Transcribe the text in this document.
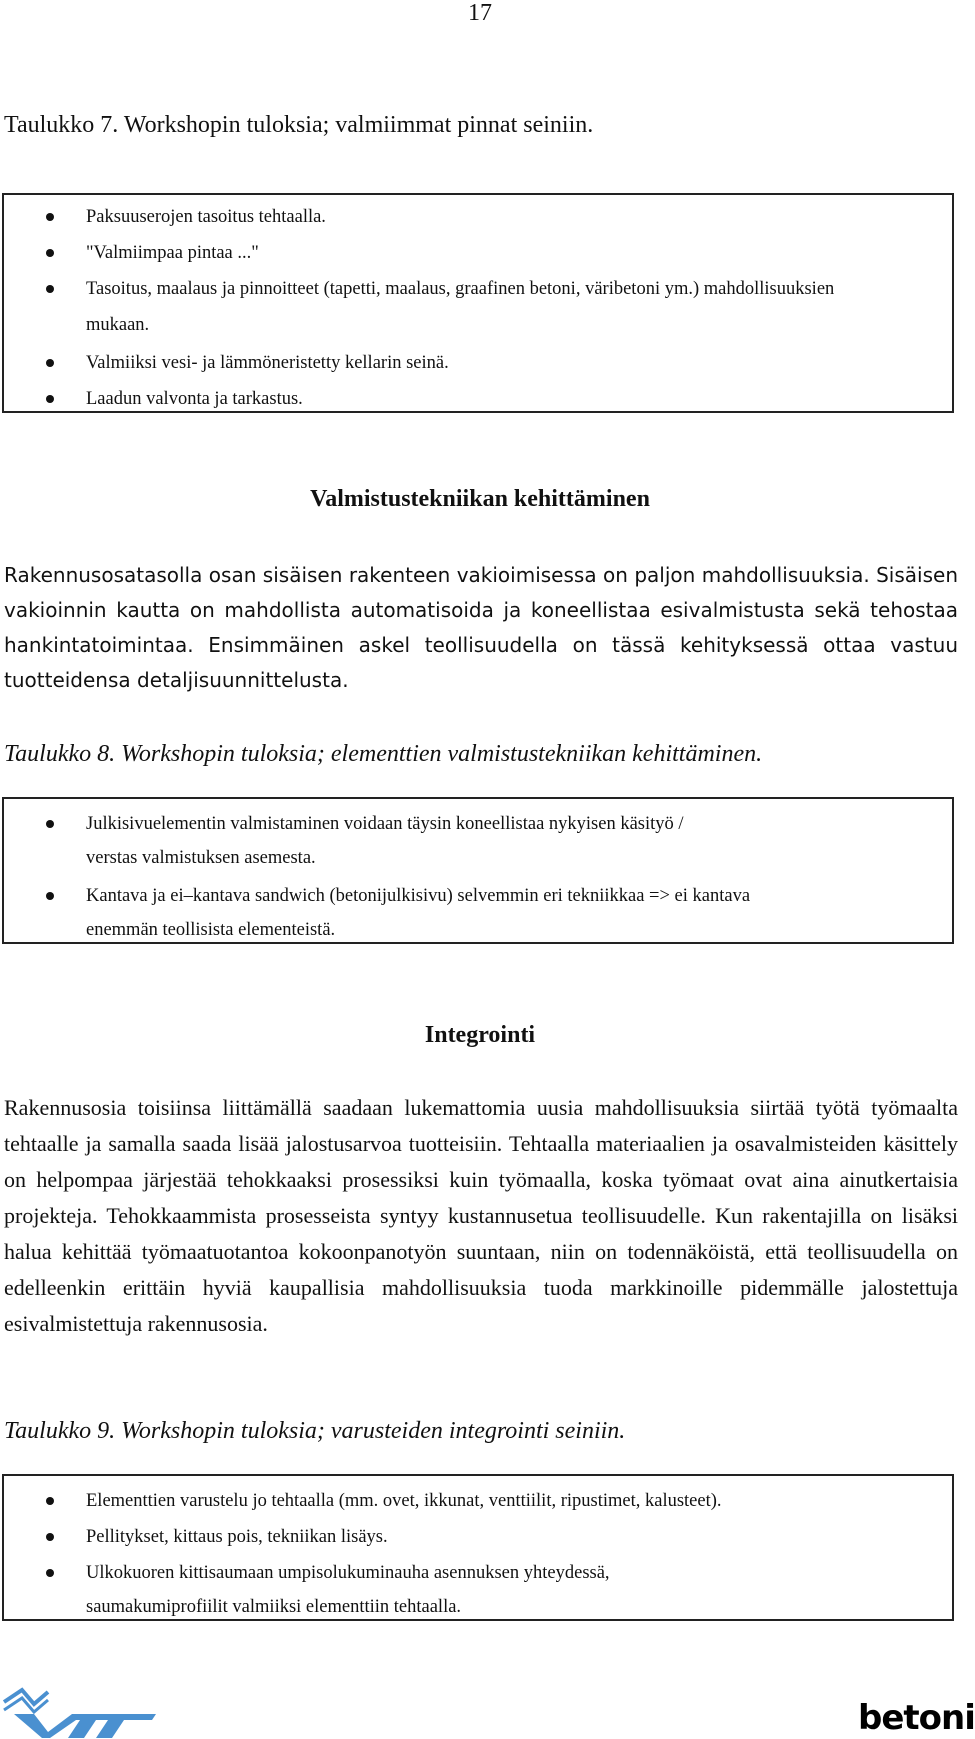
17
Taulukko 7. Workshopin tuloksia; valmiimmat pinnat seiniin.
Paksuuserojen tasoitus tehtaalla.
"Valmiimpaa pintaa ..."
Tasoitus, maalaus ja pinnoitteet (tapetti, maalaus, graafinen betoni, väribetoni ym.) mahdollisuuksien mukaan.
Valmiiksi vesi- ja lämmöneristetty kellarin seinä.
Laadun valvonta ja tarkastus.
Valmistustekniikan kehittäminen
Rakennusosatasolla osan sisäisen rakenteen vakioimisessa on paljon mahdollisuuksia. Sisäisen vakioinnin kautta on mahdollista automatisoida ja koneellistaa esivalmistusta sekä tehostaa hankintatoimintaa. Ensimmäinen askel teollisuudella on tässä kehityksessä ottaa vastuu tuotteidensa detaljisuunnittelusta.
Taulukko 8. Workshopin tuloksia; elementtien valmistustekniikan kehittäminen.
Julkisivuelementin valmistaminen voidaan täysin koneellistaa nykyisen käsityö / verstas valmistuksen asemesta.
Kantava ja ei–kantava sandwich (betonijulkisivu) selvemmin eri tekniikkaa => ei kantava enemmän teollisista elementeistä.
Integrointi
Rakennusosia toisiinsa liittämällä saadaan lukemattomia uusia mahdollisuuksia siirtää työtä työmaalta tehtaalle ja samalla saada lisää jalostusarvoa tuotteisiin. Tehtaalla materiaalien ja osavalmisteiden käsittely on helpompaa järjestää tehokkaaksi prosessiksi kuin työmaalla, koska työmaat ovat aina ainutkertaisia projekteja. Tehokkaammista prosesseista syntyy kustannusetua teollisuudelle. Kun rakentajilla on lisäksi halua kehittää työmaatuotantoa kokoonpanotyön suuntaan, niin on todennäköistä, että teollisuudella on edelleenkin erittäin hyviä kaupallisia mahdollisuuksia tuoda markkinoille pidemmälle jalostettuja esivalmistettuja rakennusosia.
Taulukko 9. Workshopin tuloksia; varusteiden integrointi seiniin.
Elementtien varustelu jo tehtaalla (mm. ovet, ikkunat, venttiilit, ripustimet, kalusteet).
Pellitykset, kittaus pois, tekniikan lisäys.
Ulkokuoren kittisaumaan umpisolukuminauha asennuksen yhteydessä, saumakumiprofiilit valmiiksi elementtiin tehtaalla.
betoni
